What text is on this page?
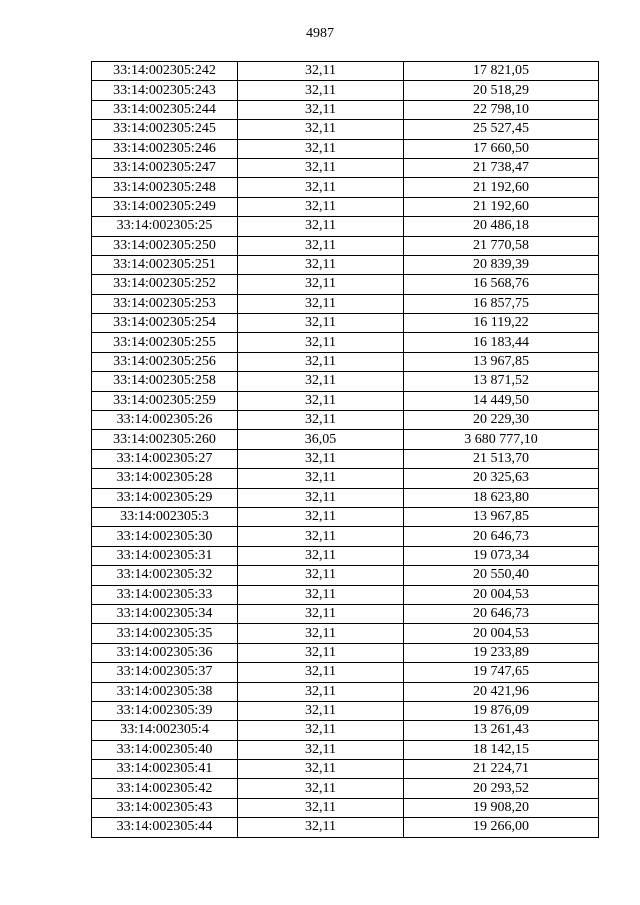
4987
33:14:002305:242	32,11	17 821,05
33:14:002305:243	32,11	20 518,29
33:14:002305:244	32,11	22 798,10
33:14:002305:245	32,11	25 527,45
33:14:002305:246	32,11	17 660,50
33:14:002305:247	32,11	21 738,47
33:14:002305:248	32,11	21 192,60
33:14:002305:249	32,11	21 192,60
33:14:002305:25	32,11	20 486,18
33:14:002305:250	32,11	21 770,58
33:14:002305:251	32,11	20 839,39
33:14:002305:252	32,11	16 568,76
33:14:002305:253	32,11	16 857,75
33:14:002305:254	32,11	16 119,22
33:14:002305:255	32,11	16 183,44
33:14:002305:256	32,11	13 967,85
33:14:002305:258	32,11	13 871,52
33:14:002305:259	32,11	14 449,50
33:14:002305:26	32,11	20 229,30
33:14:002305:260	36,05	3 680 777,10
33:14:002305:27	32,11	21 513,70
33:14:002305:28	32,11	20 325,63
33:14:002305:29	32,11	18 623,80
33:14:002305:3	32,11	13 967,85
33:14:002305:30	32,11	20 646,73
33:14:002305:31	32,11	19 073,34
33:14:002305:32	32,11	20 550,40
33:14:002305:33	32,11	20 004,53
33:14:002305:34	32,11	20 646,73
33:14:002305:35	32,11	20 004,53
33:14:002305:36	32,11	19 233,89
33:14:002305:37	32,11	19 747,65
33:14:002305:38	32,11	20 421,96
33:14:002305:39	32,11	19 876,09
33:14:002305:4	32,11	13 261,43
33:14:002305:40	32,11	18 142,15
33:14:002305:41	32,11	21 224,71
33:14:002305:42	32,11	20 293,52
33:14:002305:43	32,11	19 908,20
33:14:002305:44	32,11	19 266,00
